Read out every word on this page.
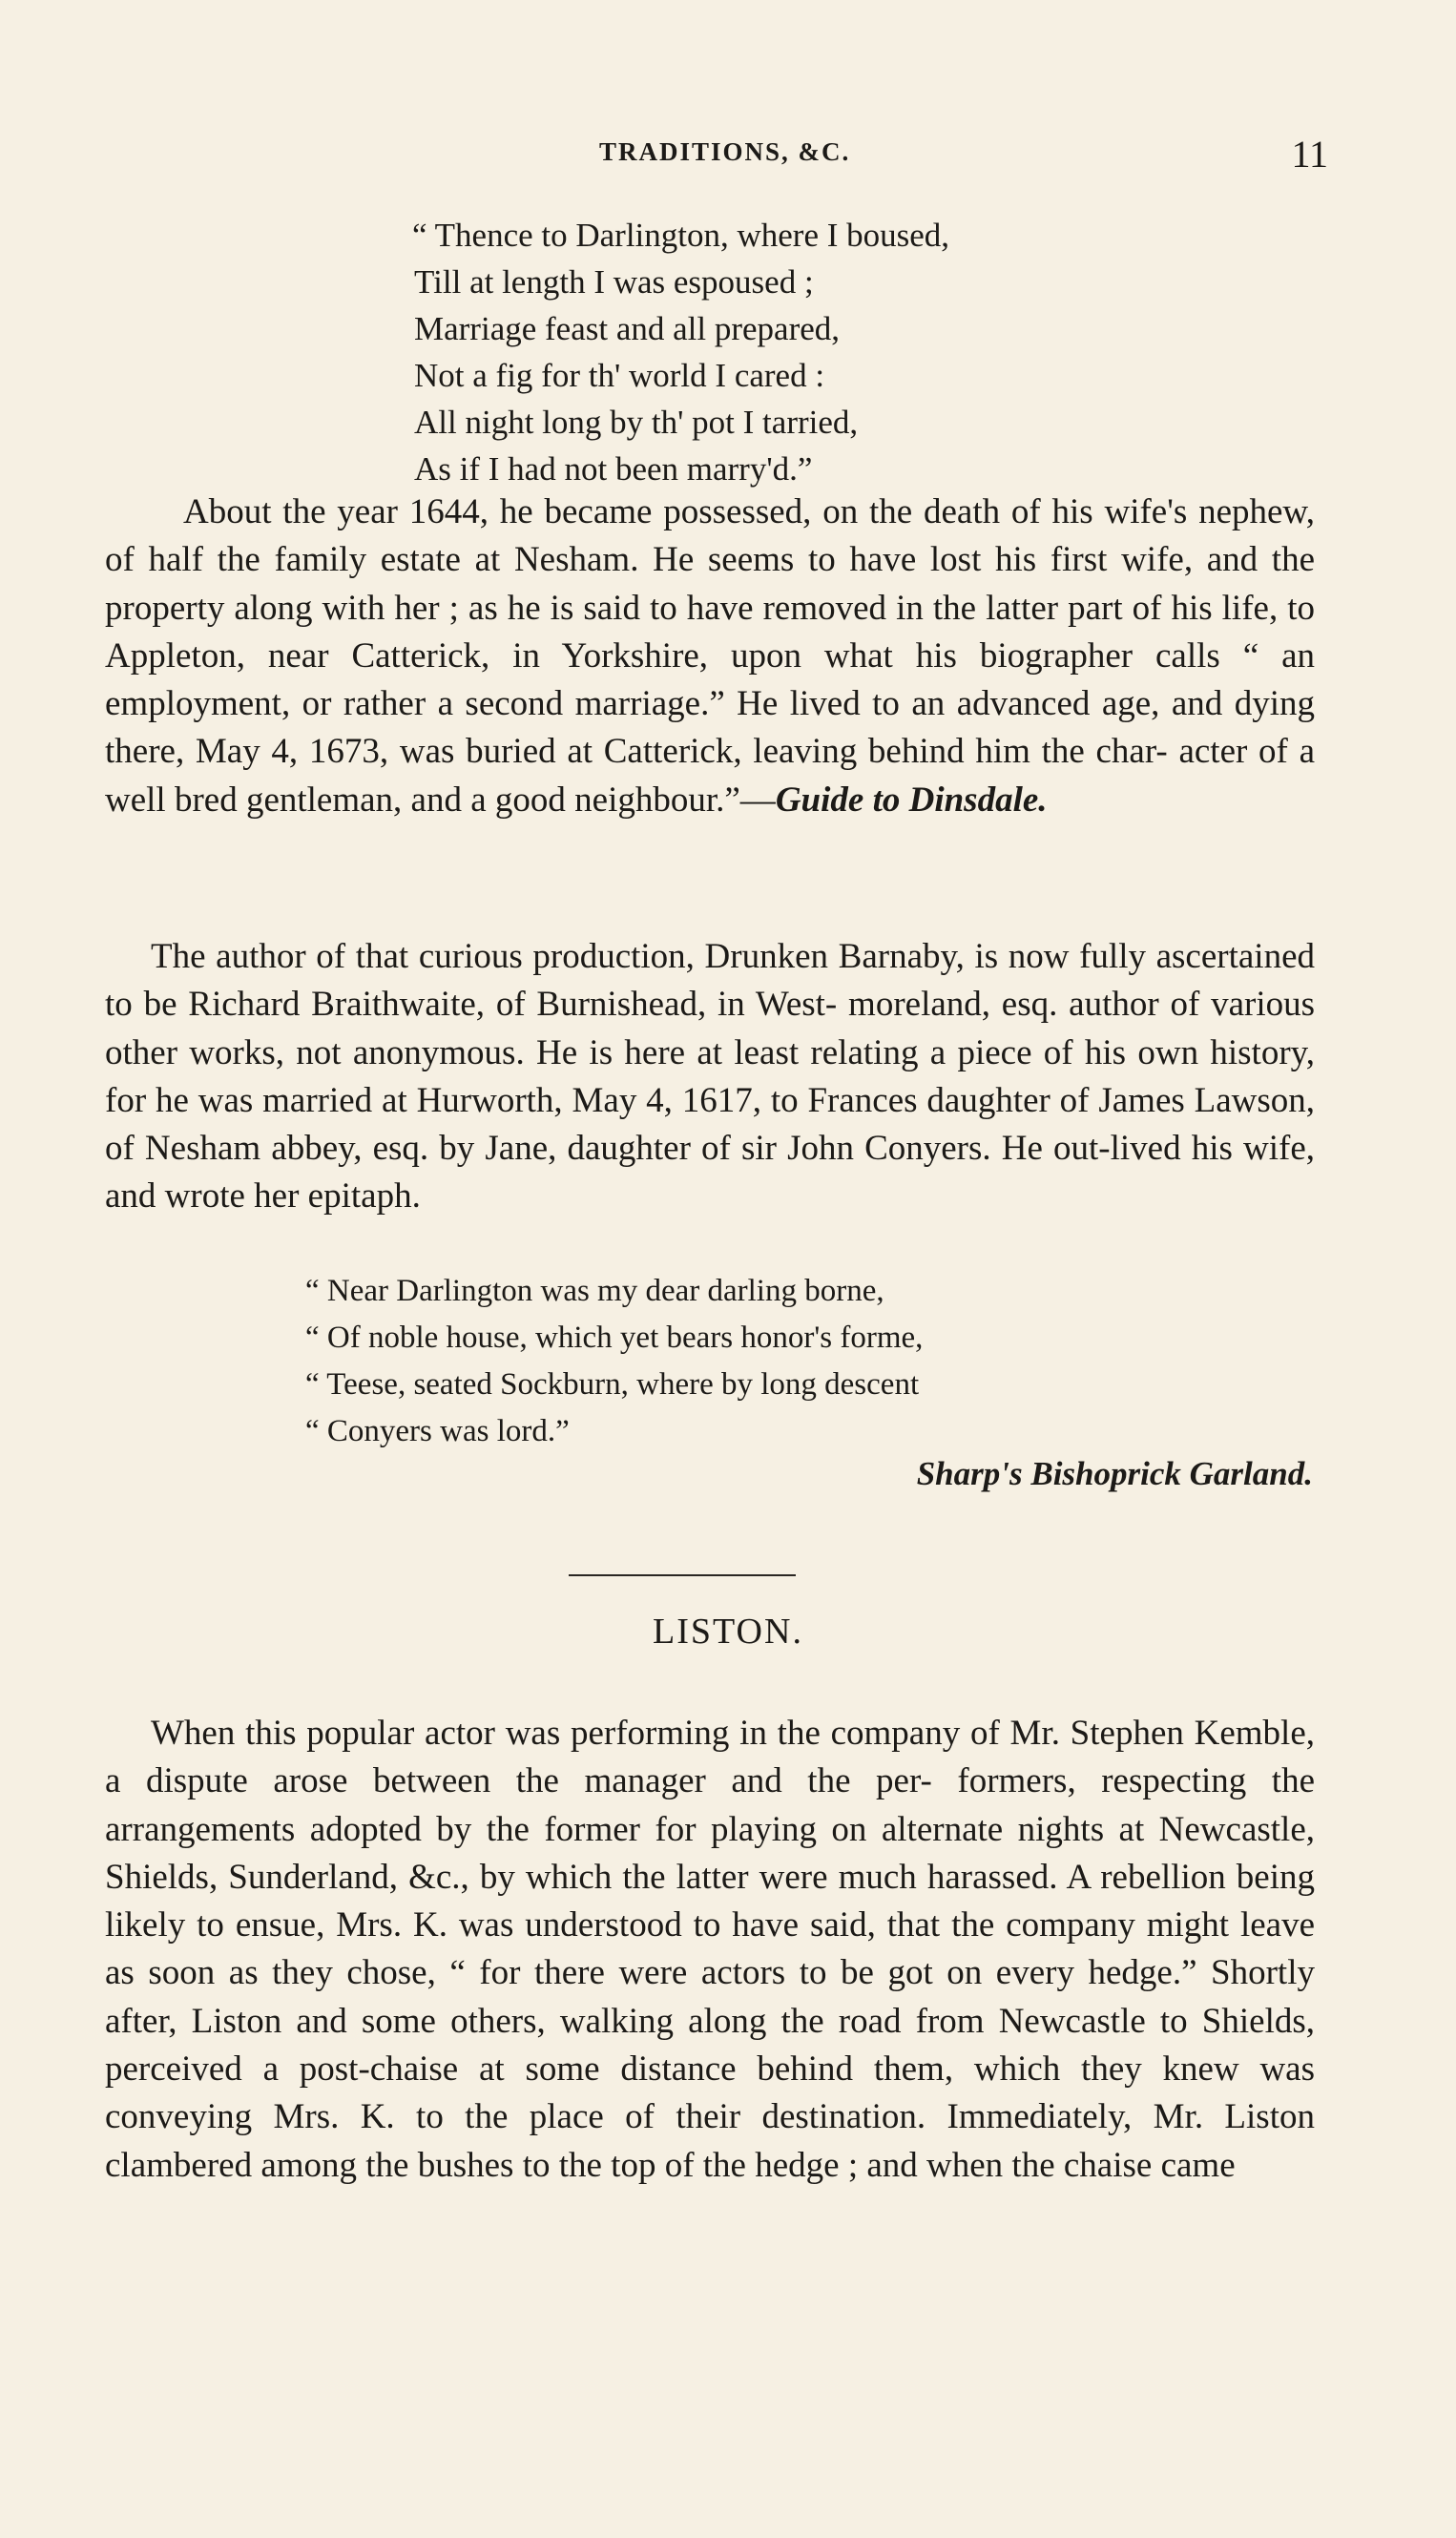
TRADITIONS, &C.	11
“ Thence to Darlington, where I boused,
Till at length I was espoused ;
Marriage feast and all prepared,
Not a fig for th' world I cared :
All night long by th' pot I tarried,
As if I had not been marry'd.”
About the year 1644, he became possessed, on the death of his wife's nephew, of half the family estate at Nesham. He seems to have lost his first wife, and the property along with her ; as he is said to have removed in the latter part of his life, to Appleton, near Catterick, in Yorkshire, upon what his biographer calls “ an employment, or rather a second marriage.” He lived to an advanced age, and dying there, May 4, 1673, was buried at Catterick, leaving behind him the char- acter of a well bred gentleman, and a good neighbour.”—Guide to Dinsdale.
The author of that curious production, Drunken Barnaby, is now fully ascertained to be Richard Braithwaite, of Burnishead, in West- moreland, esq. author of various other works, not anonymous. He is here at least relating a piece of his own history, for he was married at Hurworth, May 4, 1617, to Frances daughter of James Lawson, of Nesham abbey, esq. by Jane, daughter of sir John Conyers. He out-lived his wife, and wrote her epitaph.
“ Near Darlington was my dear darling borne,
“ Of noble house, which yet bears honor's forme,
“ Teese, seated Sockburn, where by long descent
“ Conyers was lord.”
Sharp's Bishoprick Garland.
LISTON.
When this popular actor was performing in the company of Mr. Stephen Kemble, a dispute arose between the manager and the per- formers, respecting the arrangements adopted by the former for playing on alternate nights at Newcastle, Shields, Sunderland, &c., by which the latter were much harassed. A rebellion being likely to ensue, Mrs. K. was understood to have said, that the company might leave as soon as they chose, “ for there were actors to be got on every hedge.” Shortly after, Liston and some others, walking along the road from Newcastle to Shields, perceived a post-chaise at some distance behind them, which they knew was conveying Mrs. K. to the place of their destination. Immediately, Mr. Liston clambered among the bushes to the top of the hedge ; and when the chaise came
